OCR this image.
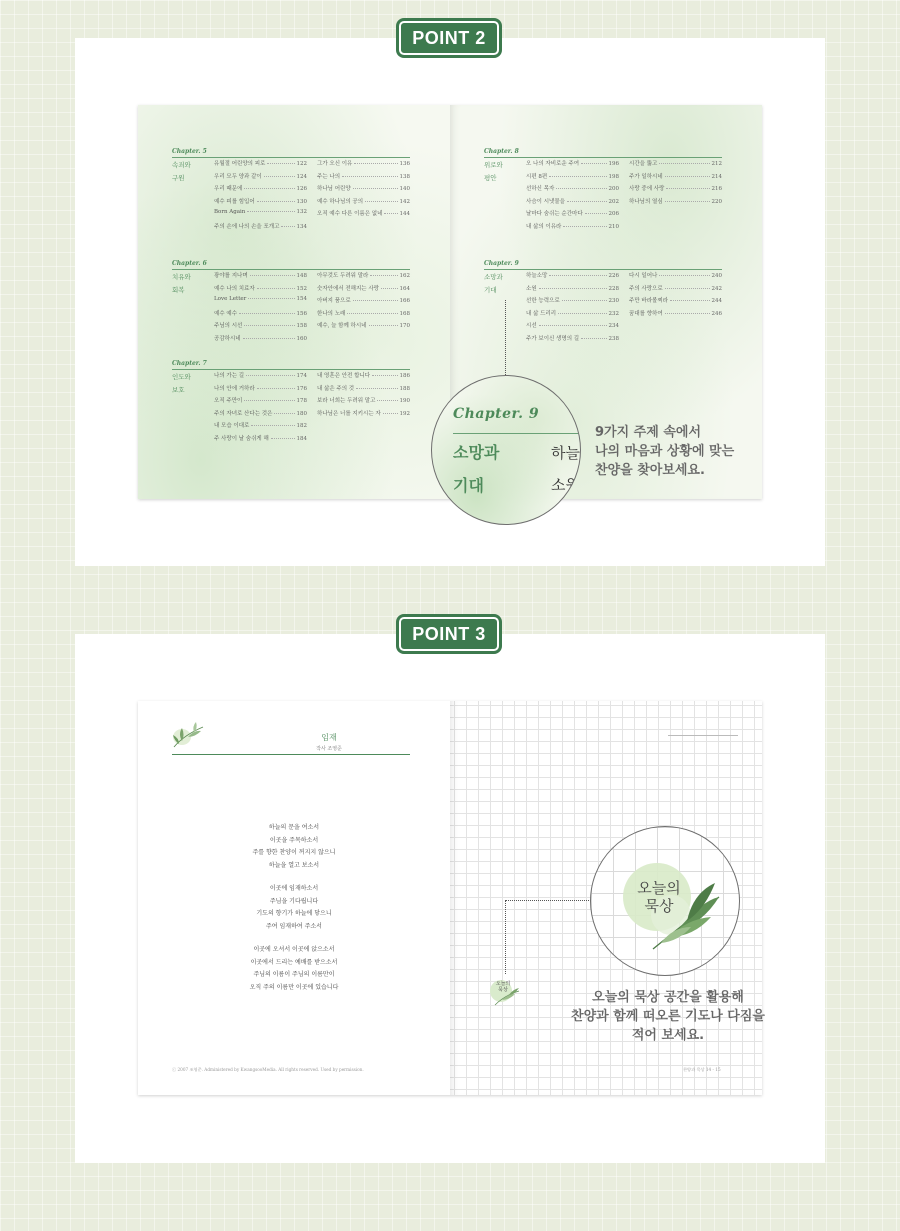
POINT 2
Chapter. 5
속죄와
구원
유월절 어린양의 피로	122
우리 모두 양과 같이	124
우리 때문에	126
예수 피를 힘입어	130
Born Again	132
주의 손에 나의 손을 포개고	134
그가 오신 이유	136
주는 나의	138
하나님 어린양	140
예수 하나님의 공의	142
오직 예수 다른 이름은 없네	144
Chapter. 6
치유와
회복
광야를 지나며	148
예수 나의 치료자	152
Love Letter	154
예수 예수	156
주님의 시선	158
공감하시네	160
아무것도 두려워 말라	162
숫자안에서 전해지는 사랑	164
아버지 품으로	166
한나의 노래	168
예수, 늘 함께 하시네	170
Chapter. 7
인도와
보호
나의 가는 길	174
나의 안에 거하라	176
오직 주만이	178
주의 자녀로 산다는 것은	180
내 모습 이대로	182
주 사랑이 날 숨쉬게 해	184
내 영혼은 안전 합니다	186
내 삶은 주의 것	188
보라 너희는 두려워 말고	190
하나님은 너를 지키시는 자	192
Chapter. 8
위로와
평안
오 나의 자비로운 주여	196
시편 8편	198
선하신 목자	200
사슴이 시냇물을	202
날마다 숨쉬는 순간마다	206
내 삶의 이유라	210
시간을 뚫고	212
주가 일하시네	214
사랑 중에 사랑	216
하나님의 열심	220
Chapter. 9
소망과
기대
하늘소망	226
소원	228
선한 능력으로	230
내 삶 드리리	232
시선	234
주가 보이신 생명의 길	238
다시 일어나	240
주의 사랑으로	242
주만 바라볼찌라	244
꿈대를 향하여	246
Chapter. 9
소망과
기대
하늘
소원
9가지 주제 속에서
나의 마음과 상황에 맞는
찬양을 찾아보세요.
POINT 3
임재
작사 조영준
하늘의 문을 여소서
이곳을 주목하소서
주를 향한 찬양이 꺼지지 않으니
하늘을 열고 보소서
이곳에 임재하소서
주님을 기다립니다
기도의 향기가 하늘에 닿으니
주여 임재하여 주소서
이곳에 오셔서 이곳에 앉으소서
이곳에서 드리는 예배를 받으소서
주님의 이름이 주님의 이름만이
오직 주의 이름만 이곳에 있습니다
ⓒ 2007 조영준. Administered by KwangsooMedia. All rights reserved. Used by permission.	찬양과 묵상 14 - 15
오늘의
묵상
오늘의
묵상
오늘의 묵상 공간을 활용해
찬양과 함께 떠오른 기도나 다짐을
적어 보세요.
